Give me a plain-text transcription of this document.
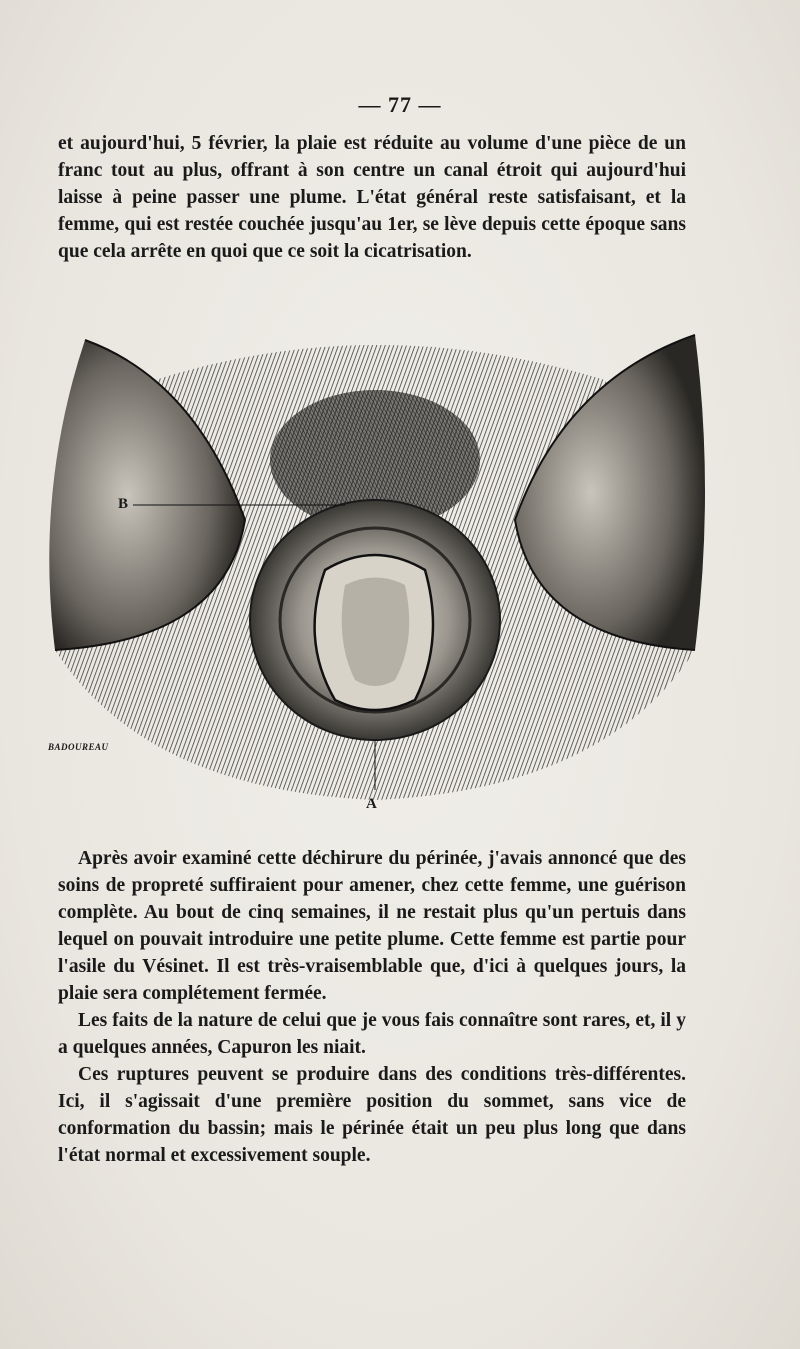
— 77 —

et aujourd'hui, 5 février, la plaie est réduite au volume d'une pièce de un franc tout au plus, offrant à son centre un canal étroit qui aujourd'hui laisse à peine passer une plume. L'état général reste satisfaisant, et la femme, qui est restée couchée jusqu'au 1er, se lève depuis cette époque sans que cela arrête en quoi que ce soit la cicatrisation.

B
A
BADOUREAU

Après avoir examiné cette déchirure du périnée, j'avais annoncé que des soins de propreté suffiraient pour amener, chez cette femme, une guérison complète. Au bout de cinq semaines, il ne restait plus qu'un pertuis dans lequel on pouvait introduire une petite plume. Cette femme est partie pour l'asile du Vésinet. Il est très-vraisemblable que, d'ici à quelques jours, la plaie sera complétement fermée.

Les faits de la nature de celui que je vous fais connaître sont rares, et, il y a quelques années, Capuron les niait.

Ces ruptures peuvent se produire dans des conditions très-différentes. Ici, il s'agissait d'une première position du sommet, sans vice de conformation du bassin; mais le périnée était un peu plus long que dans l'état normal et excessivement souple.
